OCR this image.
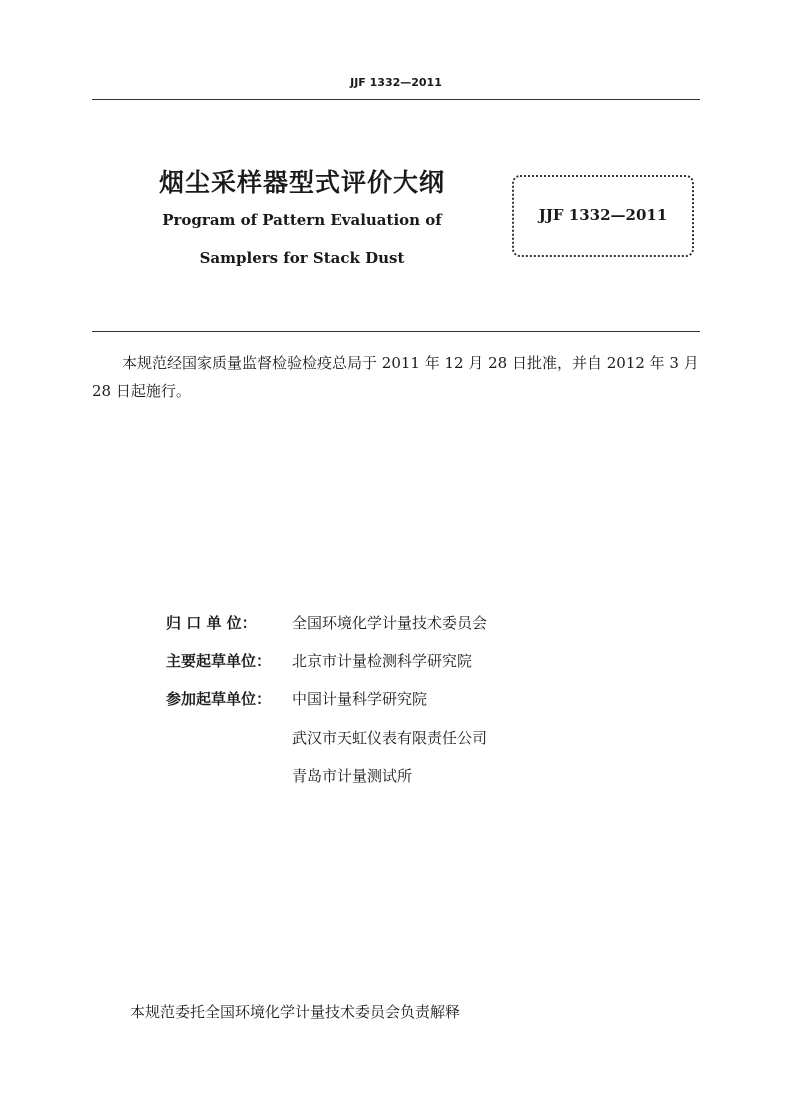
JJF 1332—2011
烟尘采样器型式评价大纲
Program of Pattern Evaluation of
Samplers for Stack Dust
JJF 1332—2011
本规范经国家质量监督检验检疫总局于 2011 年 12 月 28 日批准，并自 2012 年 3 月 28 日起施行。
归 口 单 位： 全国环境化学计量技术委员会
主要起草单位： 北京市计量检测科学研究院
参加起草单位： 中国计量科学研究院
武汉市天虹仪表有限责任公司
青岛市计量测试所
本规范委托全国环境化学计量技术委员会负责解释
